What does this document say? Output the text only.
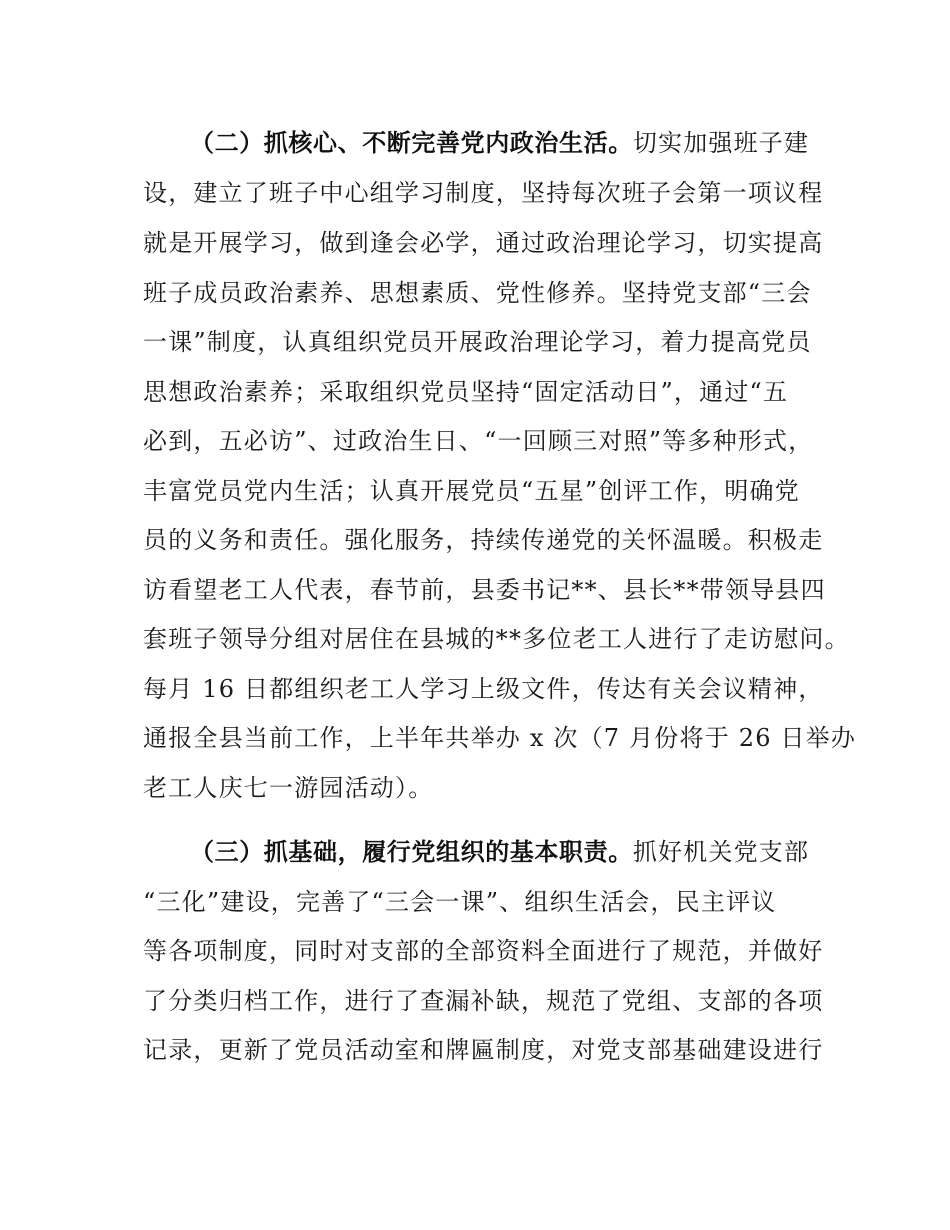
（二）抓核心、不断完善党内政治生活。切实加强班子建

设，建立了班子中心组学习制度，坚持每次班子会第一项议程

就是开展学习，做到逢会必学，通过政治理论学习，切实提高

班子成员政治素养、思想素质、党性修养。坚持党支部“三会

一课”制度，认真组织党员开展政治理论学习，着力提高党员

思想政治素养；采取组织党员坚持“固定活动日”，通过“五

必到，五必访”、过政治生日、“一回顾三对照”等多种形式，

丰富党员党内生活；认真开展党员“五星”创评工作，明确党

员的义务和责任。强化服务，持续传递党的关怀温暖。积极走

访看望老工人代表，春节前，县委书记**、县长**带领导县四

套班子领导分组对居住在县城的**多位老工人进行了走访慰问。

每月 16 日都组织老工人学习上级文件，传达有关会议精神，

通报全县当前工作，上半年共举办 x 次（7 月份将于 26 日举办

老工人庆七一游园活动）。

（三）抓基础，履行党组织的基本职责。抓好机关党支部

“三化”建设，完善了“三会一课”、组织生活会，民主评议

等各项制度，同时对支部的全部资料全面进行了规范，并做好

了分类归档工作，进行了查漏补缺，规范了党组、支部的各项

记录，更新了党员活动室和牌匾制度，对党支部基础建设进行
